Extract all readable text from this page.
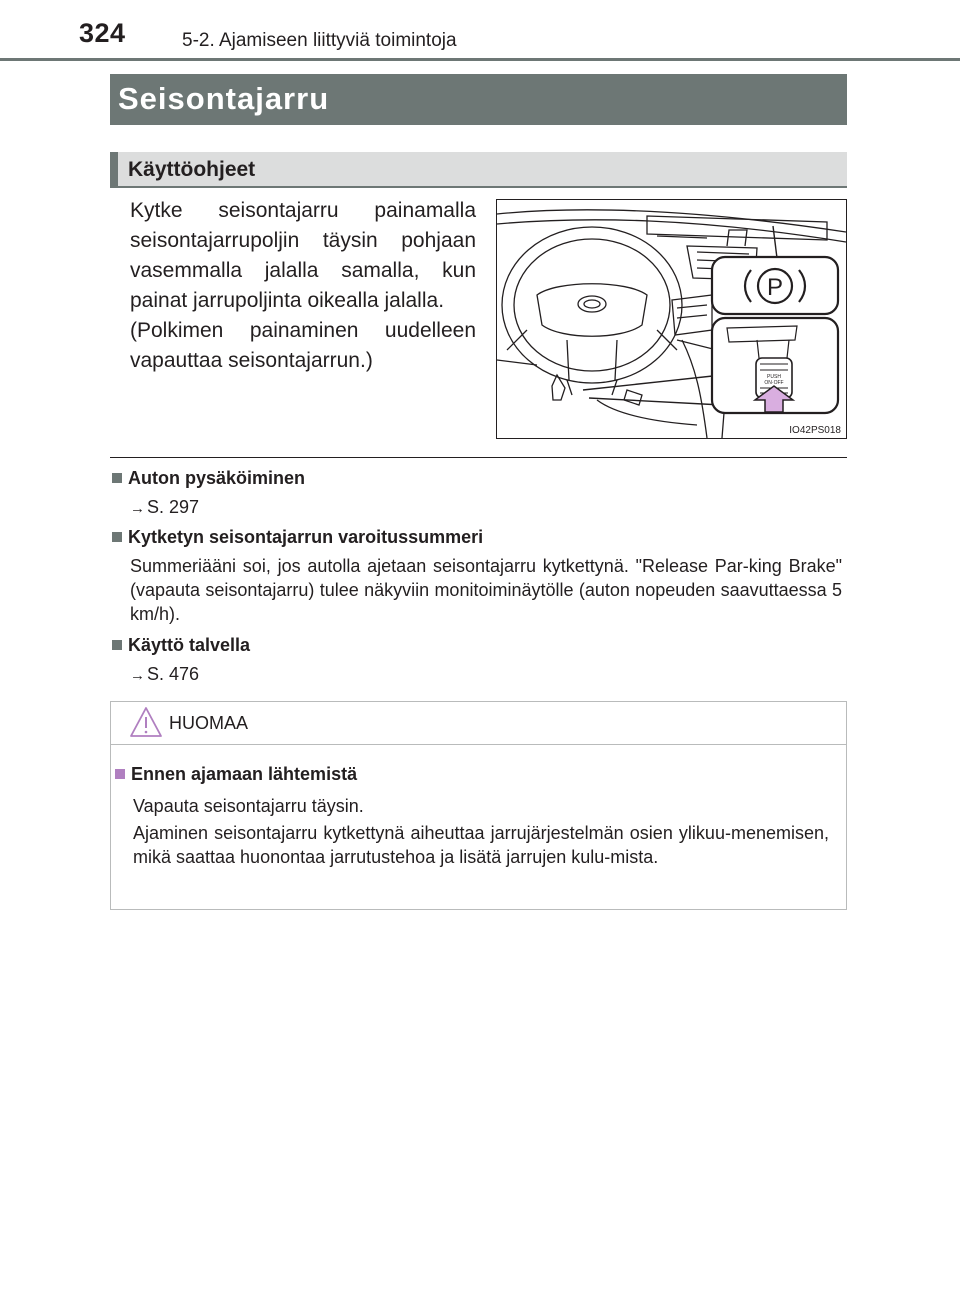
324	5-2. Ajamiseen liittyviä toimintoja
Seisontajarru
Käyttöohjeet

Kytke seisontajarru painamalla seisontajarrupoljin täysin pohjaan vasemmalla jalalla samalla, kun painat jarrupoljinta oikealla jalalla.

(Polkimen painaminen uudelleen vapauttaa seisontajarrun.)

P
PUSH
ON·OFF
IO42PS018
Auton pysäköiminen
→ S. 297
Kytketyn seisontajarrun varoitussummeri
Summeriääni soi, jos autolla ajetaan seisontajarru kytkettynä. "Release Par-king Brake" (vapauta seisontajarru) tulee näkyviin monitoiminäytölle (auton nopeuden saavuttaessa 5 km/h).
Käyttö talvella
→ S. 476
HUOMAA
Ennen ajamaan lähtemistä
Vapauta seisontajarru täysin.
Ajaminen seisontajarru kytkettynä aiheuttaa jarrujärjestelmän osien ylikuu-menemisen, mikä saattaa huonontaa jarrutustehoa ja lisätä jarrujen kulu-mista.
